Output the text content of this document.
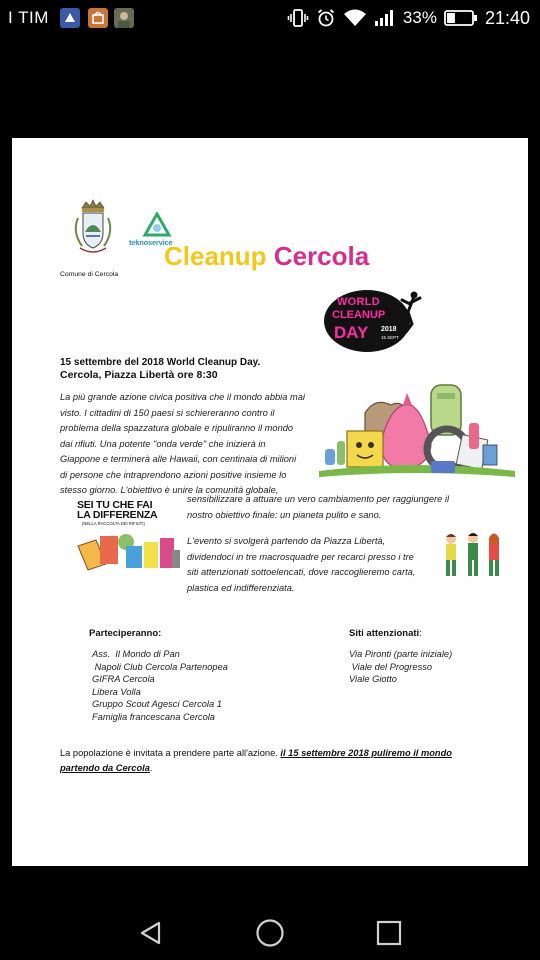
I TIM	33%	21:40
Comune di Cercola
teknoservice
Cleanup Cercola
WORLD
CLEANUP
DAY 2018
15 SEPT
15 settembre del 2018 World Cleanup Day.
Cercola, Piazza Libertà ore 8:30
La più grande azione civica positiva che il mondo abbia mai
visto. I cittadini di 150 paesi si schiereranno contro il
problema della spazzatura globale e ripuliranno il mondo
dai rifiuti. Una potente "onda verde" che inizierà in
Giappone e terminerà alle Hawaii, con centinaia di milioni
di persone che intraprendono azioni positive insieme lo
stesso giorno. L'obiettivo è unire la comunità globale,
sensibilizzare a attuare un vero cambiamento per raggiungere il
nostro obiettivo finale: un pianeta pulito e sano.
SEI TU CHE FAI
LA DIFFERENZA
(NELLA RACCOLTA DEI RIFIUTI)
L'evento si svolgerà partendo da Piazza Libertà,
dividendoci in tre macrosquadre per recarci presso i tre
siti attenzionati sottoelencati, dove raccoglieremo carta,
plastica ed indifferenziata.
Parteciperanno:
Ass.  Il Mondo di Pan
Napoli Club Cercola Partenopea
GIFRA Cercola
Libera Volla
Gruppo Scout Agesci Cercola 1
Famiglia francescana Cercola
Siti attenzionati:
Via Pironti (parte iniziale)
Viale del Progresso
Viale Giotto
La popolazione è invitata a prendere parte all'azione. il 15 settembre 2018 puliremo il mondo
partendo da Cercola.
